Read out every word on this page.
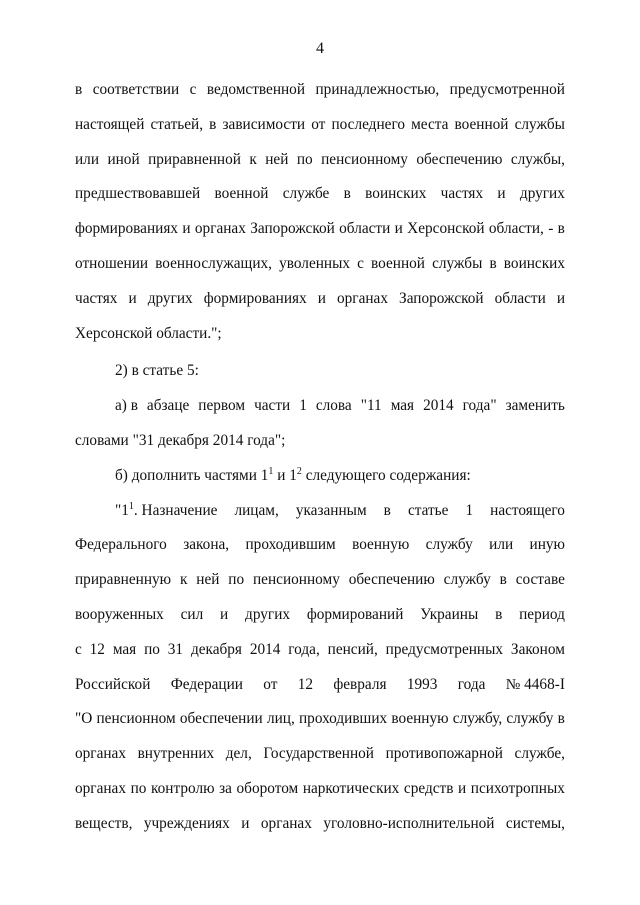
4
в соответствии с ведомственной принадлежностью, предусмотренной
настоящей статьей, в зависимости от последнего места военной службы
или иной приравненной к ней по пенсионному обеспечению службы,
предшествовавшей военной службе в воинских частях и других
формированиях и органах Запорожской области и Херсонской области, - в
отношении военнослужащих, уволенных с военной службы в воинских
частях и других формированиях и органах Запорожской области и
Херсонской области.";
2) в статье 5:
а) в абзаце первом части 1 слова "11 мая 2014 года" заменить
словами "31 декабря 2014 года";
б) дополнить частями $1^1$ и $1^2$ следующего содержания:
"$1^1$. Назначение лицам, указанным в статье 1 настоящего
Федерального закона, проходившим военную службу или иную
приравненную к ней по пенсионному обеспечению службу в составе
вооруженных сил и других формирований Украины в период
с 12 мая по 31 декабря 2014 года, пенсий, предусмотренных Законом
Российской Федерации от 12 февраля 1993 года № 4468-I
"О пенсионном обеспечении лиц, проходивших военную службу, службу в
органах внутренних дел, Государственной противопожарной службе,
органах по контролю за оборотом наркотических средств и психотропных
веществ, учреждениях и органах уголовно-исполнительной системы,
